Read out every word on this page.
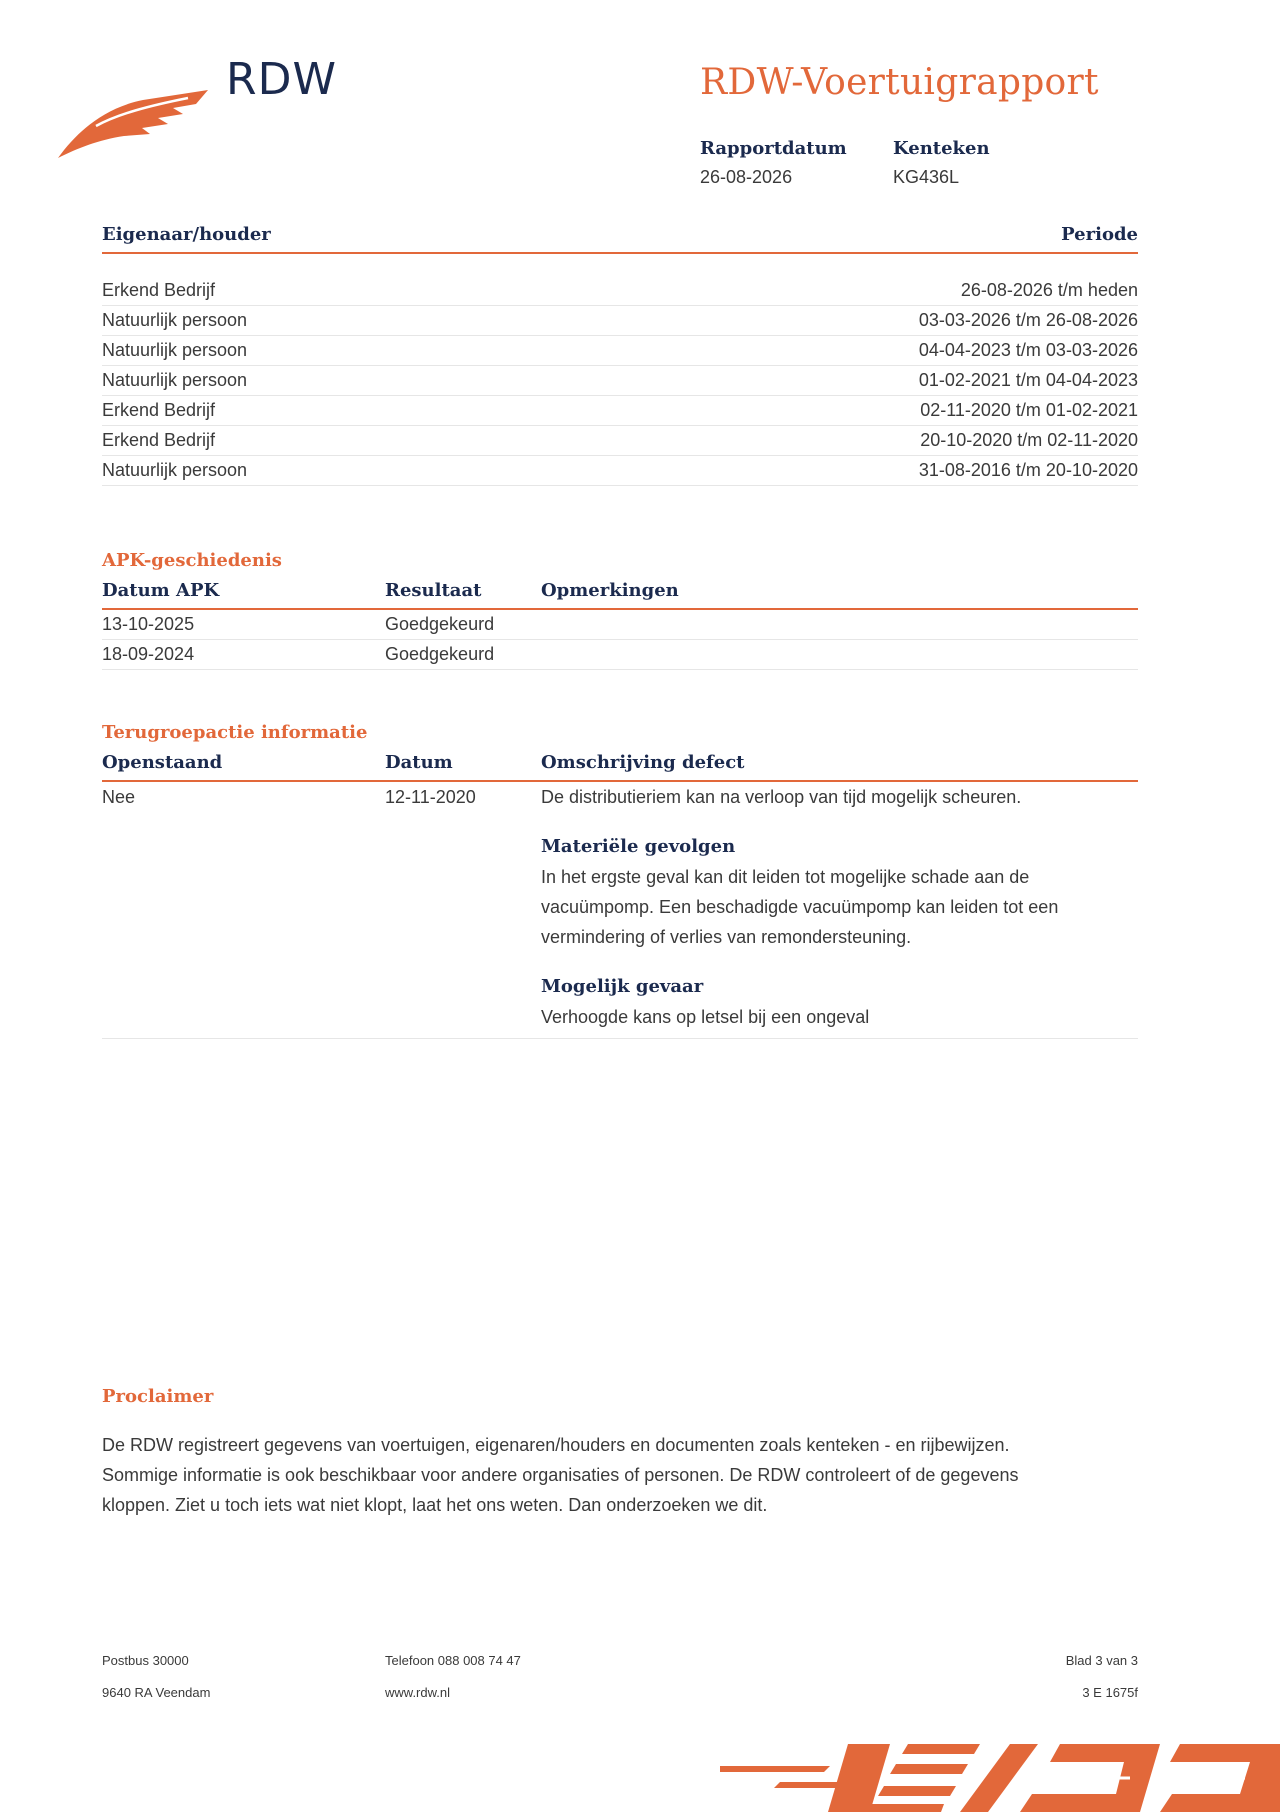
RDW	RDW-Voertuigrapport
Rapportdatum
26-08-2026
Kenteken
KG436L
Eigenaar/houder	Periode
Erkend Bedrijf	26-08-2026 t/m heden
Natuurlijk persoon	03-03-2026 t/m 26-08-2026
Natuurlijk persoon	04-04-2023 t/m 03-03-2026
Natuurlijk persoon	01-02-2021 t/m 04-04-2023
Erkend Bedrijf	02-11-2020 t/m 01-02-2021
Erkend Bedrijf	20-10-2020 t/m 02-11-2020
Natuurlijk persoon	31-08-2016 t/m 20-10-2020
APK-geschiedenis
Datum APK	Resultaat	Opmerkingen
13-10-2025	Goedgekeurd
18-09-2024	Goedgekeurd
Terugroepactie informatie
Openstaand	Datum	Omschrijving defect
Nee	12-11-2020	De distributieriem kan na verloop van tijd mogelijk scheuren.
Materiële gevolgen
In het ergste geval kan dit leiden tot mogelijke schade aan de
vacuümpomp. Een beschadigde vacuümpomp kan leiden tot een
vermindering of verlies van remondersteuning.
Mogelijk gevaar
Verhoogde kans op letsel bij een ongeval
Proclaimer
De RDW registreert gegevens van voertuigen, eigenaren/houders en documenten zoals kenteken - en rijbewijzen.
Sommige informatie is ook beschikbaar voor andere organisaties of personen. De RDW controleert of de gegevens
kloppen. Ziet u toch iets wat niet klopt, laat het ons weten. Dan onderzoeken we dit.
Postbus 30000
9640 RA Veendam
Telefoon 088 008 74 47
www.rdw.nl
Blad 3 van 3
3 E 1675f
